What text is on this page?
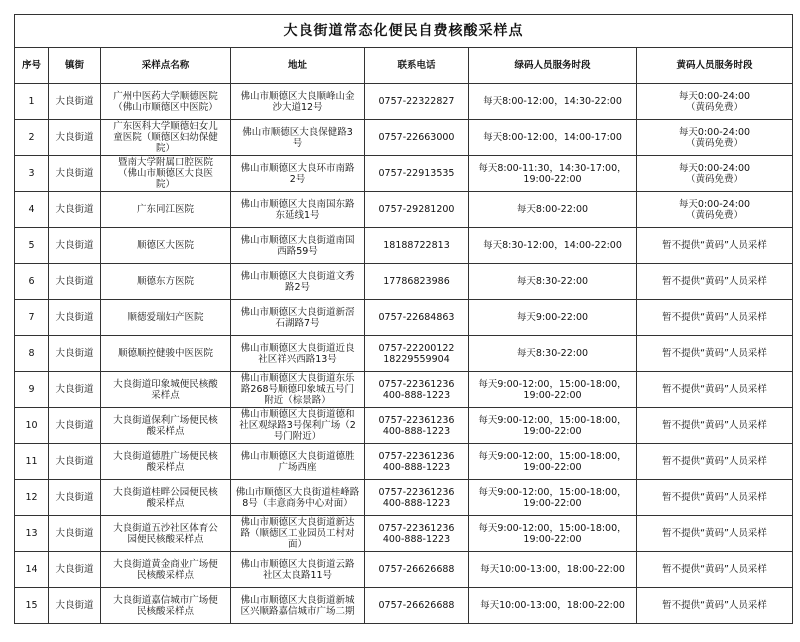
大良街道常态化便民自费核酸采样点						
序号	镇街	采样点名称	地址	联系电话	绿码人员服务时段	黄码人员服务时段

1	大良街道	广州中医药大学顺德医院
（佛山市顺德区中医院）	佛山市顺德区大良顺峰山金
沙大道12号	0757-22322827	每天8:00-12:00，14:30-22:00	每天0:00-24:00
（黄码免费）

2	大良街道	广东医科大学顺德妇女儿
童医院（顺德区妇幼保健
院）	佛山市顺德区大良保健路3
号	0757-22663000	每天8:00-12:00，14:00-17:00	每天0:00-24:00
（黄码免费）

3	大良街道	暨南大学附属口腔医院
（佛山市顺德区大良医
院）	佛山市顺德区大良环市南路
2号	0757-22913535	每天8:00-11:30，14:30-17:00，
19:00-22:00	每天0:00-24:00
（黄码免费）

4	大良街道	广东同江医院	佛山市顺德区大良南国东路
东延线1号	0757-29281200	每天8:00-22:00	每天0:00-24:00
（黄码免费）

5	大良街道	顺德区大医院	佛山市顺德区大良街道南国
西路59号	18188722813	每天8:30-12:00，14:00-22:00	暂不提供“黄码”人员采样

6	大良街道	顺德东方医院	佛山市顺德区大良街道文秀
路2号	17786823986	每天8:30-22:00	暂不提供“黄码”人员采样

7	大良街道	顺德爱瑞妇产医院	佛山市顺德区大良街道新滘
石湖路7号	0757-22684863	每天9:00-22:00	暂不提供“黄码”人员采样

8	大良街道	顺德顺控健骏中医医院	佛山市顺德区大良街道近良
社区祥兴西路13号	0757-22200122
18229559904	每天8:30-22:00	暂不提供“黄码”人员采样

9	大良街道	大良街道印象城便民核酸
采样点	佛山市顺德区大良街道东乐
路268号顺德印象城五号门
附近（棕景路）	0757-22361236
400-888-1223	每天9:00-12:00，15:00-18:00，
19:00-22:00	暂不提供“黄码”人员采样

10	大良街道	大良街道保利广场便民核
酸采样点	佛山市顺德区大良街道德和
社区观绿路3号保利广场（2
号门附近）	0757-22361236
400-888-1223	每天9:00-12:00，15:00-18:00，
19:00-22:00	暂不提供“黄码”人员采样

11	大良街道	大良街道德胜广场便民核
酸采样点	佛山市顺德区大良街道德胜
广场西座	0757-22361236
400-888-1223	每天9:00-12:00，15:00-18:00，
19:00-22:00	暂不提供“黄码”人员采样

12	大良街道	大良街道桂畔公园便民核
酸采样点	佛山市顺德区大良街道桂峰路
8号（丰意商务中心对面）	0757-22361236
400-888-1223	每天9:00-12:00，15:00-18:00，
19:00-22:00	暂不提供“黄码”人员采样

13	大良街道	大良街道五沙社区体育公
园便民核酸采样点	佛山市顺德区大良街道新达
路（顺德区工业园员工村对
面）	0757-22361236
400-888-1223	每天9:00-12:00，15:00-18:00，
19:00-22:00	暂不提供“黄码”人员采样

14	大良街道	大良街道黄金商业广场便
民核酸采样点	佛山市顺德区大良街道云路
社区太良路11号	0757-26626688	每天10:00-13:00，18:00-22:00	暂不提供“黄码”人员采样

15	大良街道	大良街道嘉信城市广场便
民核酸采样点	佛山市顺德区大良街道新城
区兴顺路嘉信城市广场二期	0757-26626688	每天10:00-13:00，18:00-22:00	暂不提供“黄码”人员采样
